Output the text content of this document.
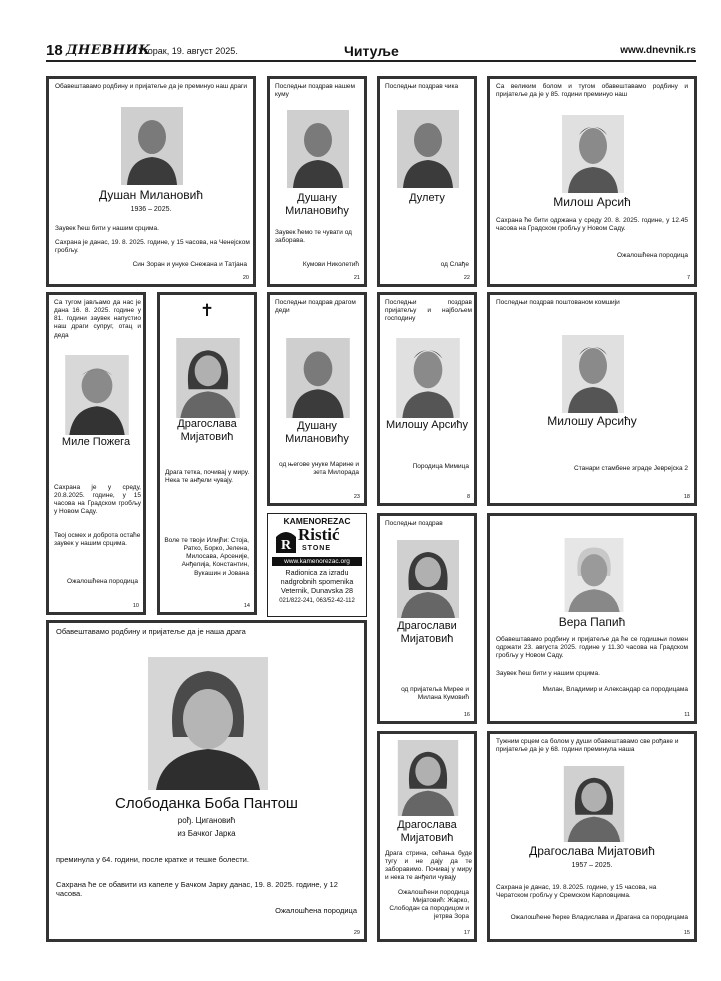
18 ДНЕВНИК
Уторак, 19. август 2025.	Читуље	www.dnevnik.rs
Обавештавамо родбину и пријатеље да је преминуо наш драги
Душан Милановић
1936 – 2025.
Заувек ћеш бити у нашим срцима.
Сахрана је данас, 19. 8. 2025. године, у 15 часова, на Ченејском гробљу.
Син Зоран и унуке Снежана и Татјана
20
Последњи поздрав нашем куму
Душану Милановићу
Заувек ћемо те чувати од заборава.
Кумови Николетић
21
Последњи поздрав чика
Дулету
од Слађе
22
Са великим болом и тугом обавештавамо родбину и пријатеље да је у 85. години преминуо наш
Милош Арсић
Сахрана ће бити одржана у среду 20. 8. 2025. године, у 12.45 часова на Градском гробљу у Новом Саду.
Ожалошћена породица
7
Са тугом јављамо да нас је дана 16. 8. 2025. године у 81. години заувек напустио наш драги супруг, отац и деда
Миле Пожега
Сахрана је у среду, 20.8.2025. године, у 15 часова на Градском гробљу у Новом Саду.
Твој осмех и доброта остаће заувек у нашим срцима.
Ожалошћена породица
10
✝
Драгослава Мијатовић
Драга тетка, почивај у миру. Нека те анђели чувају.
Воле те твоји Илијћи: Стоја, Ратко, Борко, Јелена, Милосава, Арсеније, Анђелија, Константин, Вукашин и Јована
14
Последњи поздрав драгом деди
Душану Милановићу
од његове унуке Марине и зета Милорада
23
Последњи поздрав пријатељу и најбољем господину
Милошу Арсићу
Породица Мимица
8
Последњи поздрав поштованом комшији
Милошу Арсићу
Станари стамбене зграде Јеврејска 2
18
KAMENOREZAC
R
Ristić
STONE
www.kamenorezac.org
Radionica za izradu
nadgrobnih spomenika
Veternik, Dunavska 28
021/822-241, 063/52-42-112
Последњи поздрав
Драгослави Мијатовић
од пријатеља Мирее и Милана Кумовић
16
Вера Папић
Обавештавамо родбину и пријатеље да ће се годишњи помен одржати 23. августа 2025. године у 11.30 часова на Градском гробљу у Новом Саду.
Заувек ћеш бити у нашим срцима.
Милан, Владимир и Александар са породицама
11
Обавештавамо родбину и пријатеље да је наша драга
Слободанка Боба Пантош
рођ. Цигановић
из Бачког Јарка
преминула у 64. години, после кратке и тешке болести.
Сахрана ће се обавити из капеле у Бачком Јарку данас, 19. 8. 2025. године, у 12 часова.
Ожалошћена породица
29
Драгослава Мијатовић
Драга стрина, сећања буде тугу и не дају да те заборавимо. Почивај у миру и нека те анђели чувају
Ожалошћени породица Мијатовић: Жарко, Слободан са породицом и јетрва Зора
17
Тужним срцем са болом у души обавештавамо све рођаке и пријатеље да је у 68. години преминула наша
Драгослава Мијатовић
1957 – 2025.
Сахрана је данас, 19. 8.2025. године, у 15 часова, на Чератском гробљу у Сремском Карловцима.
Ожалошћене ћерке Владислава и Драгана са породицама
15
